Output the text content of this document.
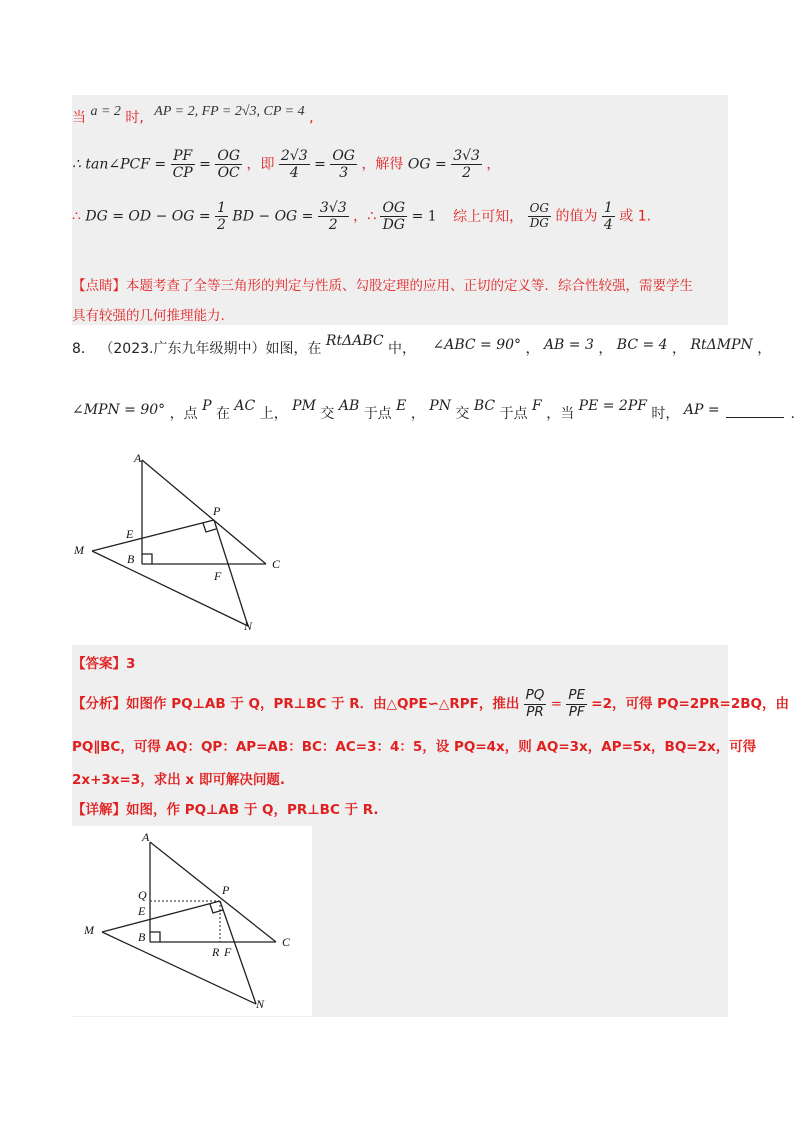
当 a = 2 时, AP = 2, FP = 2√3, CP = 4 ,
∴ tan∠PCF = $\frac{PF}{CP} = \frac{OG}{OC}$ ，即 $\frac{2√3}{4} = \frac{OG}{3}$ ，解得 OG = $\frac{3√3}{2}$ ，
∴ DG = OD − OG = $\frac{1}{2}$ BD − OG = $\frac{3√3}{2}$ ，∴ $\frac{OG}{DG} = 1$ 综上可知， $\frac{OG}{DG}$ 的值为 $\frac{1}{4}$ 或 1.
【点睛】本题考查了全等三角形的判定与性质、勾股定理的应用、正切的定义等．综合性较强，需要学生
具有较强的几何推理能力.
8． （2023.广东九年级期中）如图，在 RtΔABC 中， ∠ABC = 90° ， AB = 3 ， BC = 4 ， RtΔMPN ，
∠MPN = 90° ，点 P 在 AC 上， PM 交 AB 于点 E ， PN 交 BC 于点 F ，当 PE = 2PF 时， AP =	.
A
P
E
M
B	C
F
N
【答案】3
【分析】如图作 PQ⊥AB 于 Q，PR⊥BC 于 R．由△QPE∽△RPF，推出 $\frac{PQ}{PR} = \frac{PE}{PF} =2$，可得 PQ=2PR=2BQ，由
PQ∥BC，可得 AQ：QP：AP=AB：BC：AC=3：4：5，设 PQ=4x，则 AQ=3x，AP=5x，BQ=2x，可得
2x+3x=3，求出 x 即可解决问题.
【详解】如图，作 PQ⊥AB 于 Q，PR⊥BC 于 R.
A
Q
E
P
M	B
R F
C
N
